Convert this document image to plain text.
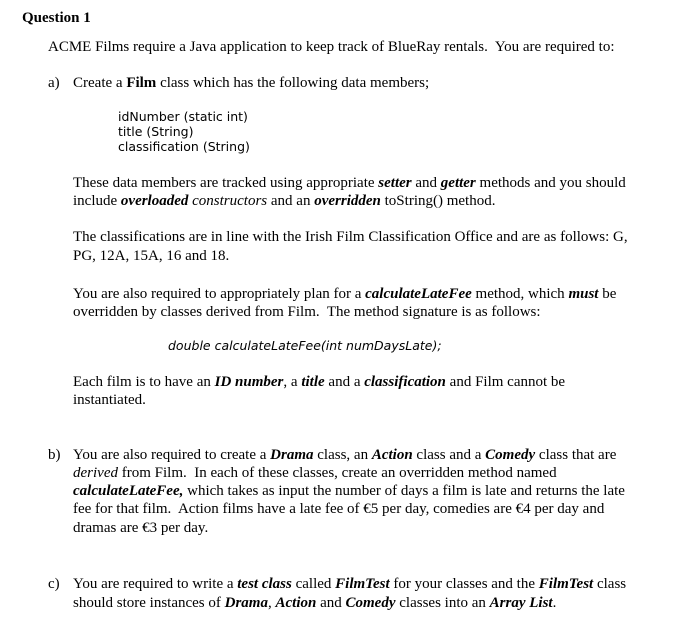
Question 1
ACME Films require a Java application to keep track of BlueRay rentals.  You are required to:
a) Create a Film class which has the following data members;
idNumber (static int)
title (String)
classification (String)
These data members are tracked using appropriate setter and getter methods and you should
include overloaded constructors and an overridden toString() method.
The classifications are in line with the Irish Film Classification Office and are as follows: G,
PG, 12A, 15A, 16 and 18.
You are also required to appropriately plan for a calculateLateFee method, which must be
overridden by classes derived from Film.  The method signature is as follows:
double calculateLateFee(int numDaysLate);
Each film is to have an ID number, a title and a classification and Film cannot be
instantiated.
b) You are also required to create a Drama class, an Action class and a Comedy class that are
derived from Film.  In each of these classes, create an overridden method named
calculateLateFee, which takes as input the number of days a film is late and returns the late
fee for that film.  Action films have a late fee of €5 per day, comedies are €4 per day and
dramas are €3 per day.
c) You are required to write a test class called FilmTest for your classes and the FilmTest class
should store instances of Drama, Action and Comedy classes into an Array List.
